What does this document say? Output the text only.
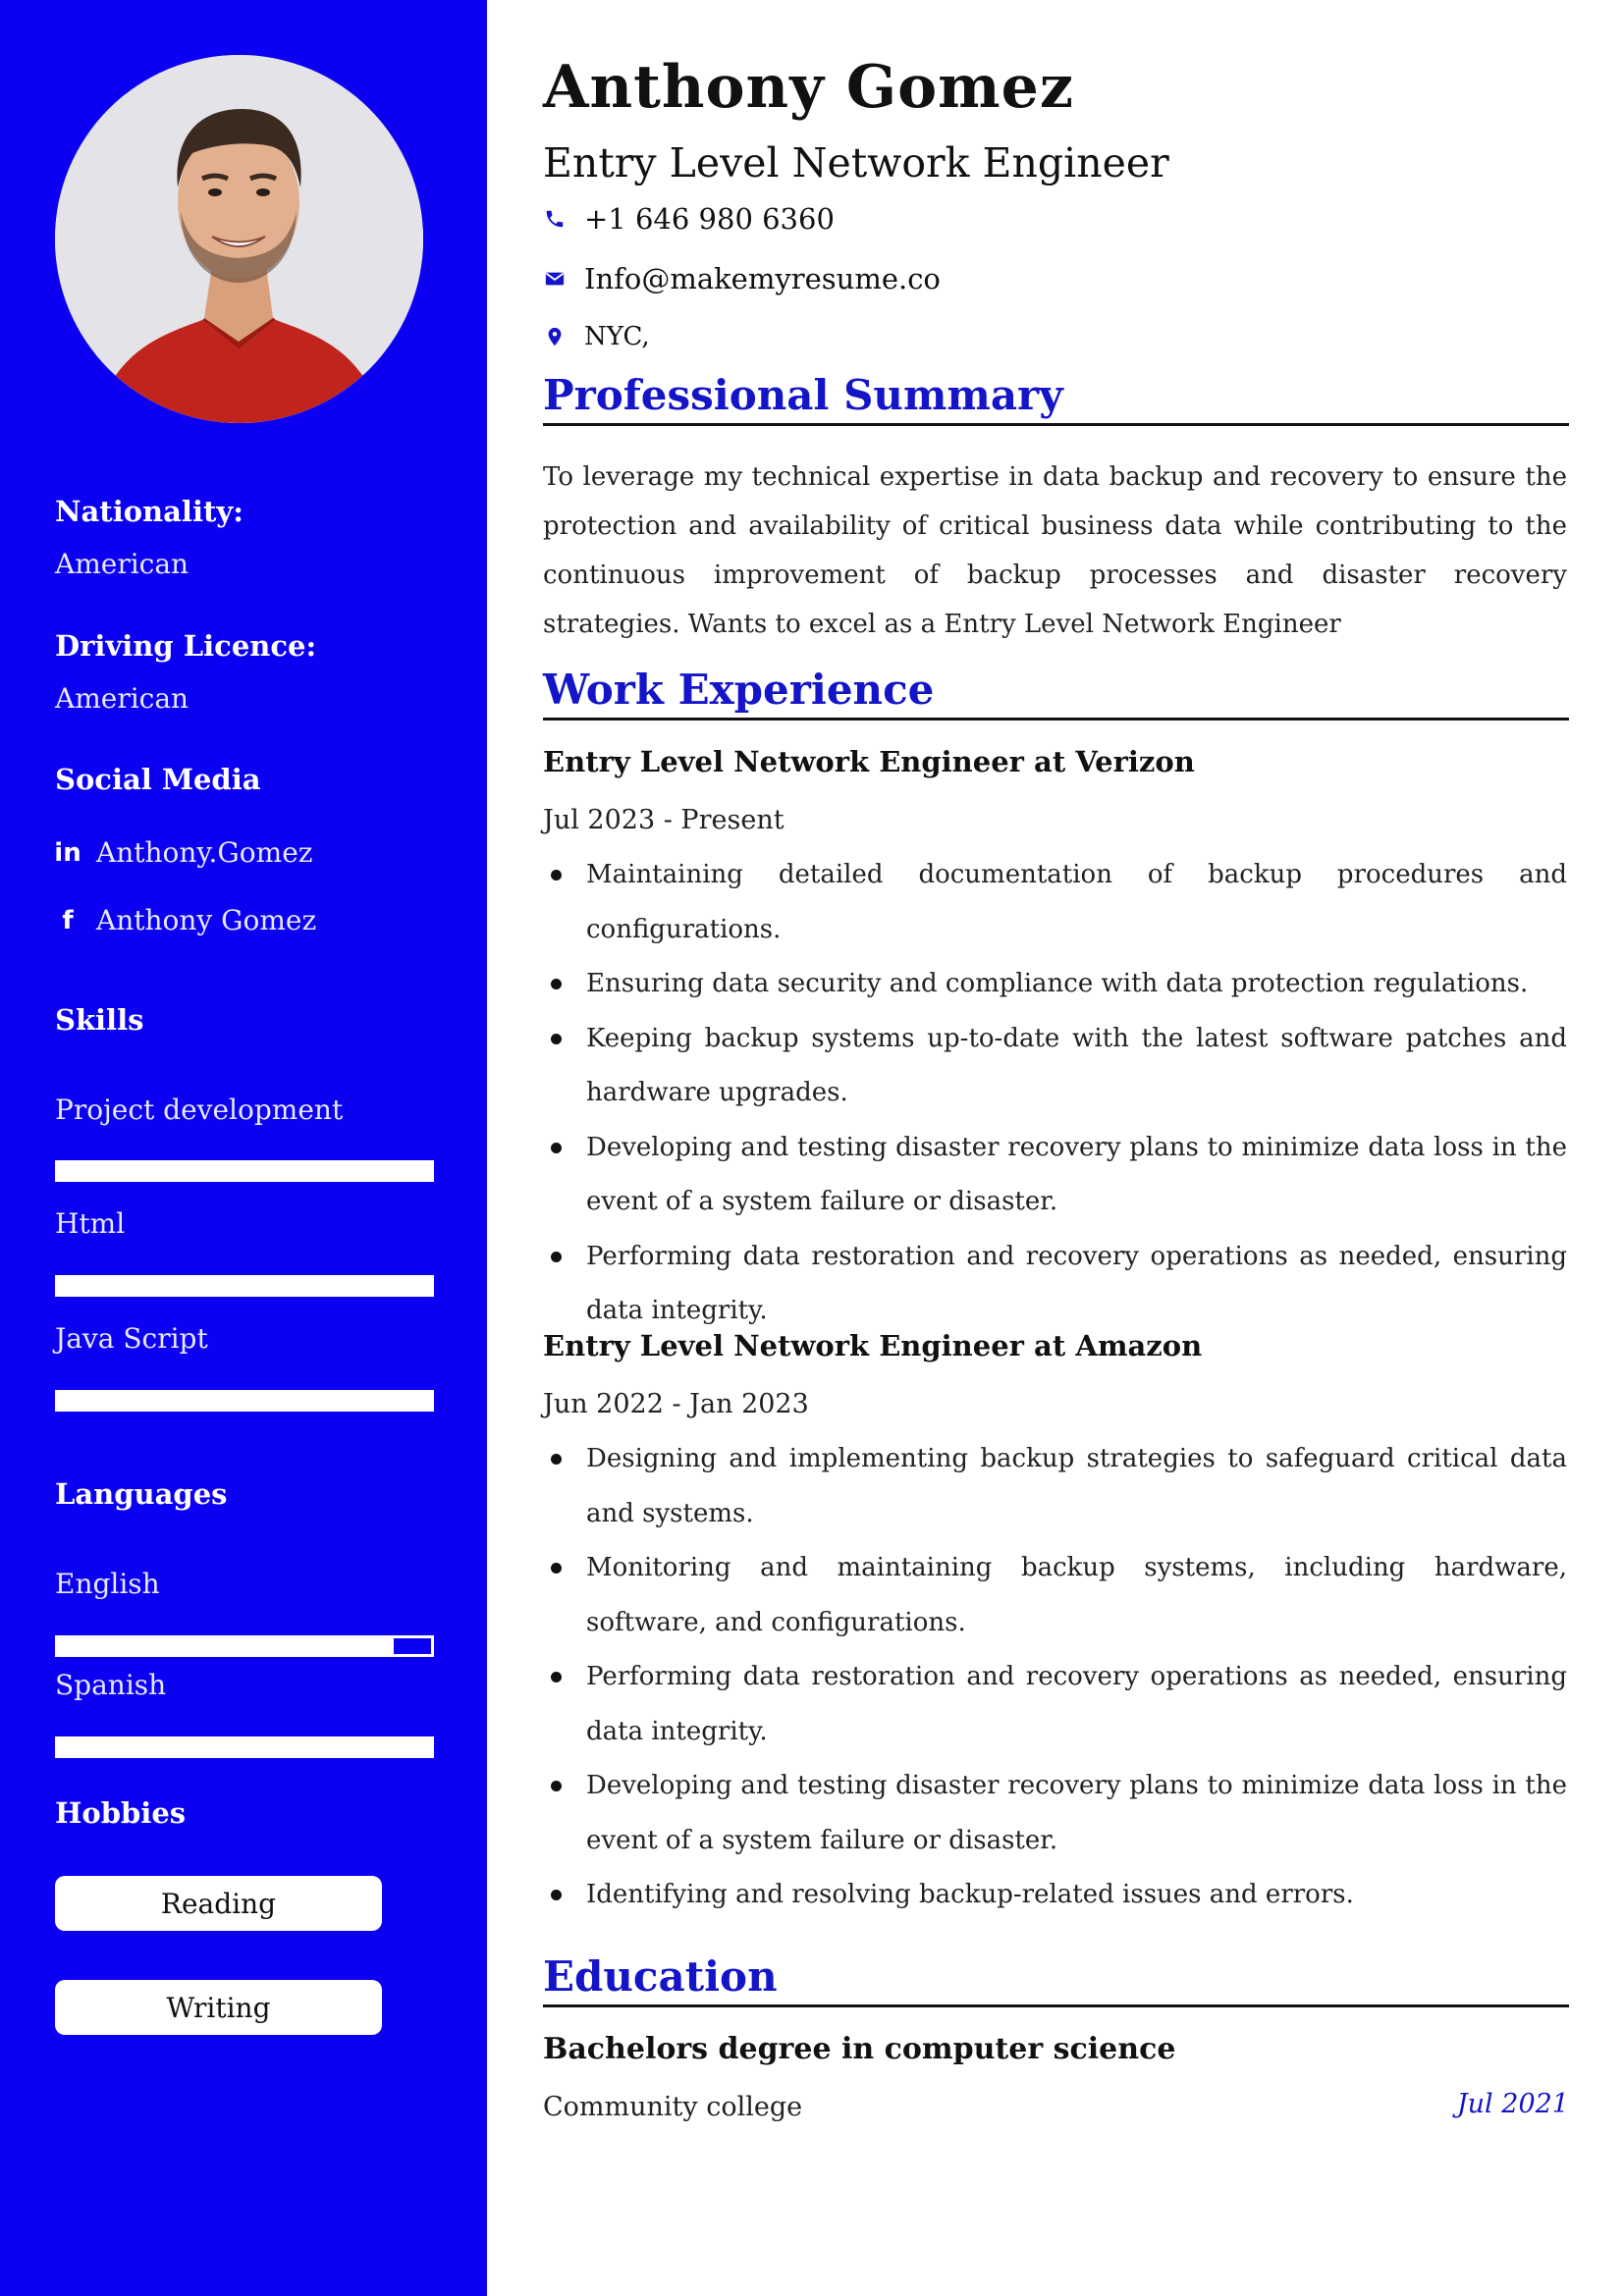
Nationality:
American
Driving Licence:
American
Social Media
in Anthony.Gomez
f Anthony Gomez
Skills
Project development
Html
Java Script
Languages
English
Spanish
Hobbies
Reading
Writing
Anthony Gomez
Entry Level Network Engineer
+1 646 980 6360
Info@makemyresume.co
NYC,
Professional Summary

To leverage my technical expertise in data backup and recovery to ensure the protection and availability of critical business data while contributing to the continuous improvement of backup processes and disaster recovery strategies. Wants to excel as a Entry Level Network Engineer

Work Experience
Entry Level Network Engineer at Verizon
Jul 2023 - Present
Maintaining detailed documentation of backup procedures and configurations.
Ensuring data security and compliance with data protection regulations.
Keeping backup systems up-to-date with the latest software patches and hardware upgrades.
Developing and testing disaster recovery plans to minimize data loss in the event of a system failure or disaster.
Performing data restoration and recovery operations as needed, ensuring data integrity.
Entry Level Network Engineer at Amazon
Jun 2022 - Jan 2023
Designing and implementing backup strategies to safeguard critical data and systems.
Monitoring and maintaining backup systems, including hardware, software, and configurations.
Performing data restoration and recovery operations as needed, ensuring data integrity.
Developing and testing disaster recovery plans to minimize data loss in the event of a system failure or disaster.
Identifying and resolving backup-related issues and errors.
Education
Bachelors degree in computer science
Community college	Jul 2021
